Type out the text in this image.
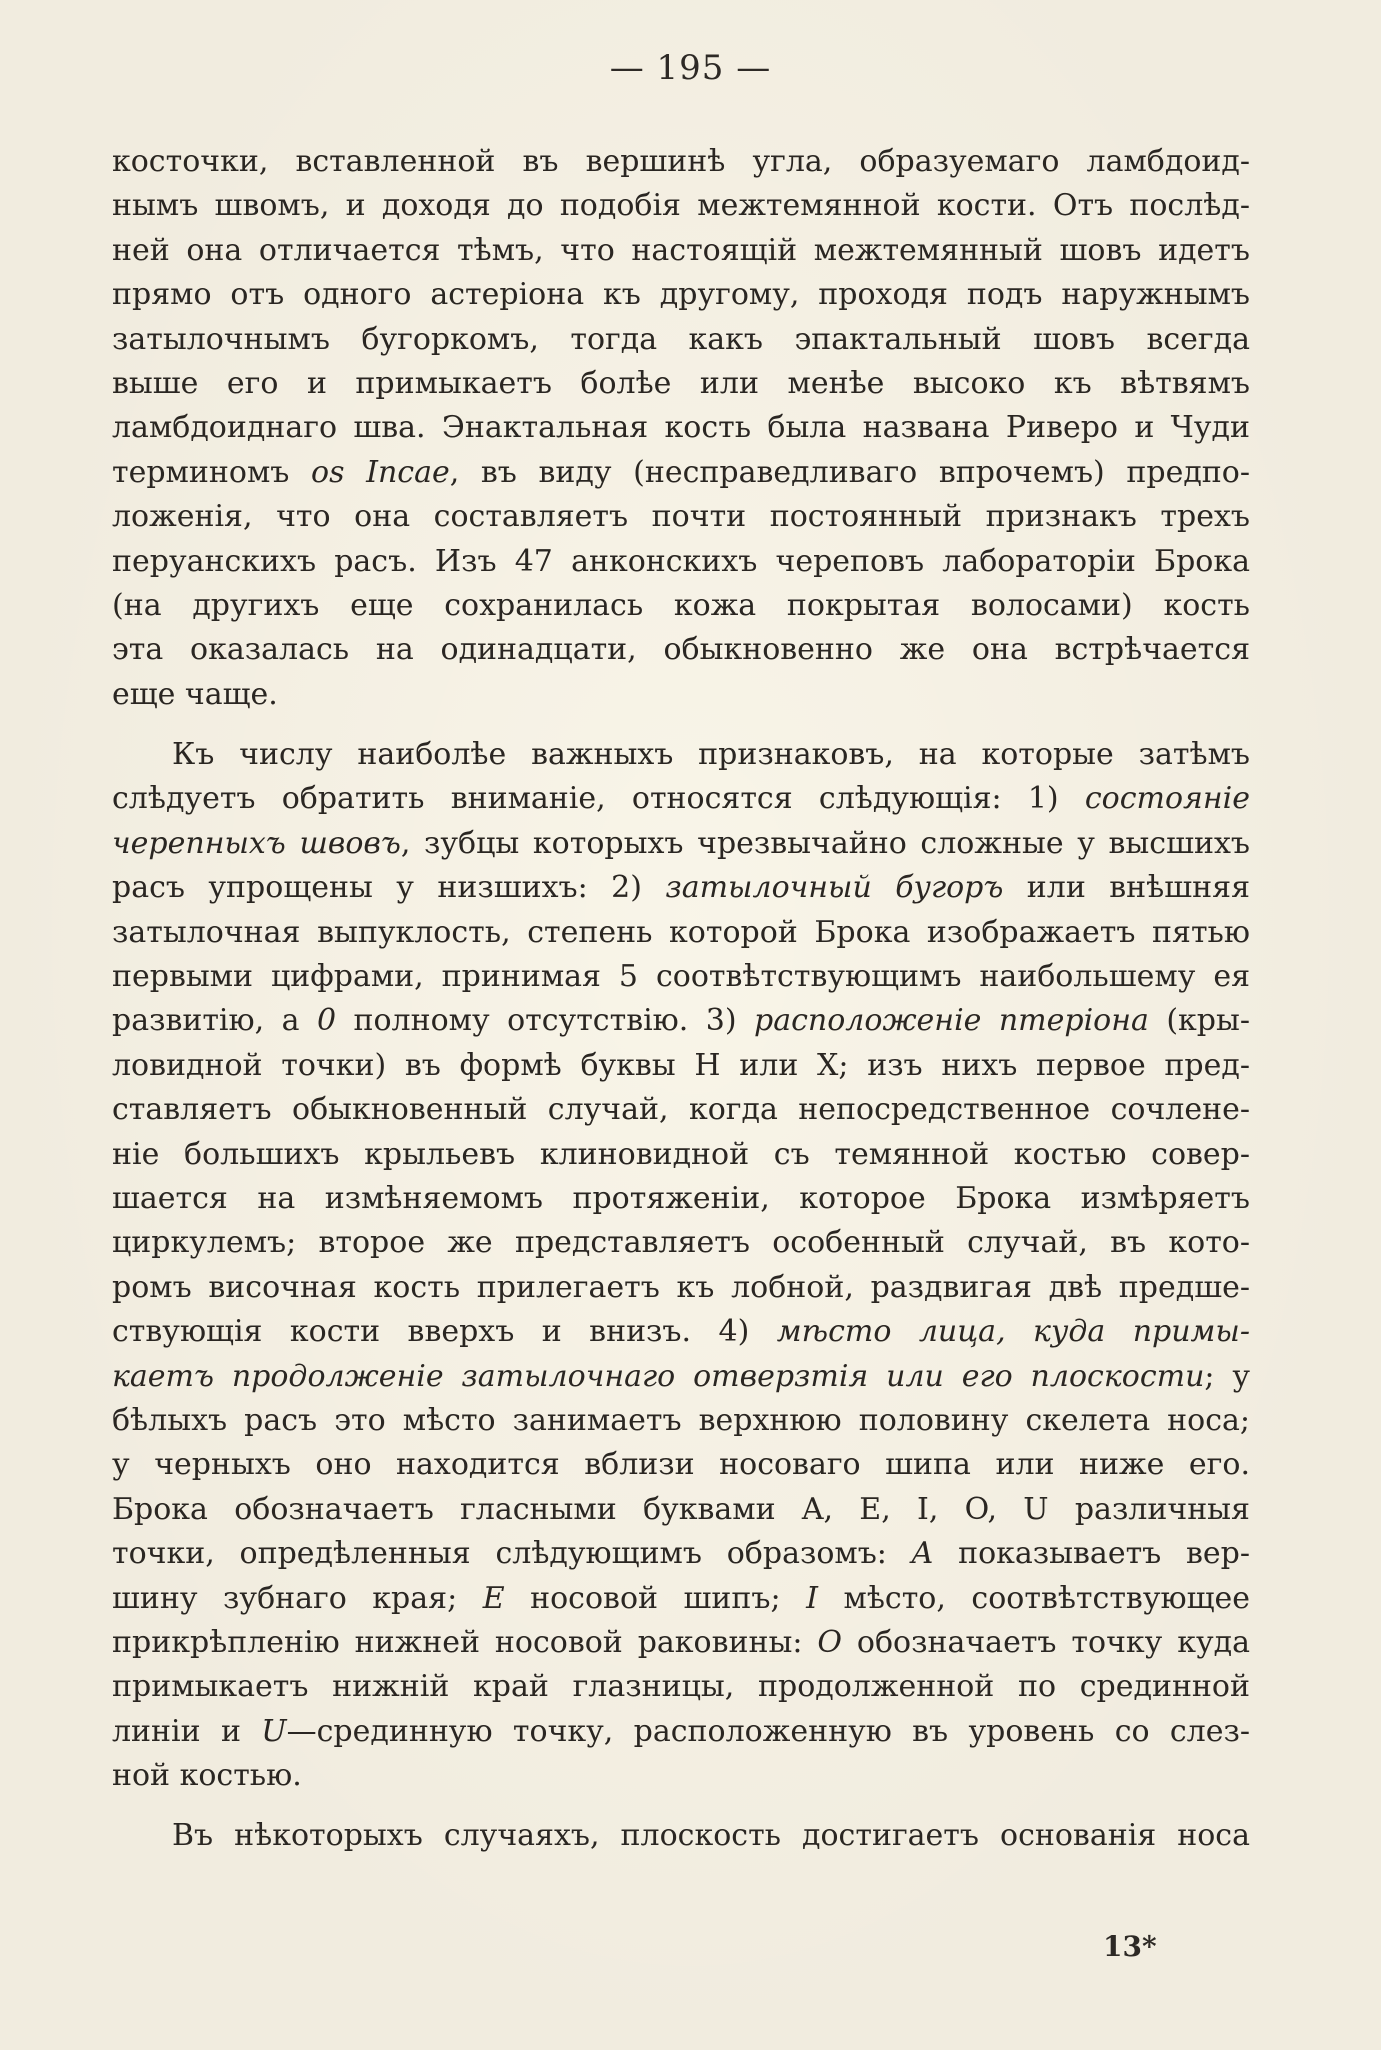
— 195 —
косточки, вставленной въ вершинѣ угла, образуемаго ламбдоид-
нымъ швомъ, и доходя до подобія межтемянной кости. Отъ послѣд-
ней она отличается тѣмъ, что настоящій межтемянный шовъ идетъ
прямо отъ одного астеріона къ другому, проходя подъ наружнымъ
затылочнымъ бугоркомъ, тогда какъ эпактальный шовъ всегда
выше его и примыкаетъ болѣе или менѣе высоко къ вѣтвямъ
ламбдоиднаго шва. Энактальная кость была названа Риверо и Чуди
терминомъ os Incae, въ виду (несправедливаго впрочемъ) предпо-
ложенія, что она составляетъ почти постоянный признакъ трехъ
перуанскихъ расъ. Изъ 47 анконскихъ череповъ лабораторіи Брока
(на другихъ еще сохранилась кожа покрытая волосами) кость
эта оказалась на одинадцати, обыкновенно же она встрѣчается
еще чаще.
Къ числу наиболѣе важныхъ признаковъ, на которые затѣмъ
слѣдуетъ обратить вниманіе, относятся слѣдующія: 1) состояніе
черепныхъ швовъ, зубцы которыхъ чрезвычайно сложные у высшихъ
расъ упрощены у низшихъ: 2) затылочный бугоръ или внѣшняя
затылочная выпуклость, степень которой Брока изображаетъ пятью
первыми цифрами, принимая 5 соотвѣтствующимъ наибольшему ея
развитію, а 0 полному отсутствію. 3) расположеніе птеріона (кры-
ловидной точки) въ формѣ буквы Н или X; изъ нихъ первое пред-
ставляетъ обыкновенный случай, когда непосредственное сочлене-
ніе большихъ крыльевъ клиновидной съ темянной костью совер-
шается на измѣняемомъ протяженіи, которое Брока измѣряетъ
циркулемъ; второе же представляетъ особенный случай, въ кото-
ромъ височная кость прилегаетъ къ лобной, раздвигая двѣ предше-
ствующія кости вверхъ и внизъ. 4) мѣсто лица, куда примы-
каетъ продолженіе затылочнаго отверзтія или его плоскости; у
бѣлыхъ расъ это мѣсто занимаетъ верхнюю половину скелета носа;
у черныхъ оно находится вблизи носоваго шипа или ниже его.
Брока обозначаетъ гласными буквами A, E, I, O, U различныя
точки, опредѣленныя слѣдующимъ образомъ: A показываетъ вер-
шину зубнаго края; E носовой шипъ; I мѣсто, соотвѣтствующее
прикрѣпленію нижней носовой раковины: O обозначаетъ точку куда
примыкаетъ нижній край глазницы, продолженной по срединной
линіи и U—срединную точку, расположенную въ уровень со слез-
ной костью.
Въ нѣкоторыхъ случаяхъ, плоскость достигаетъ основанія носа
13*
